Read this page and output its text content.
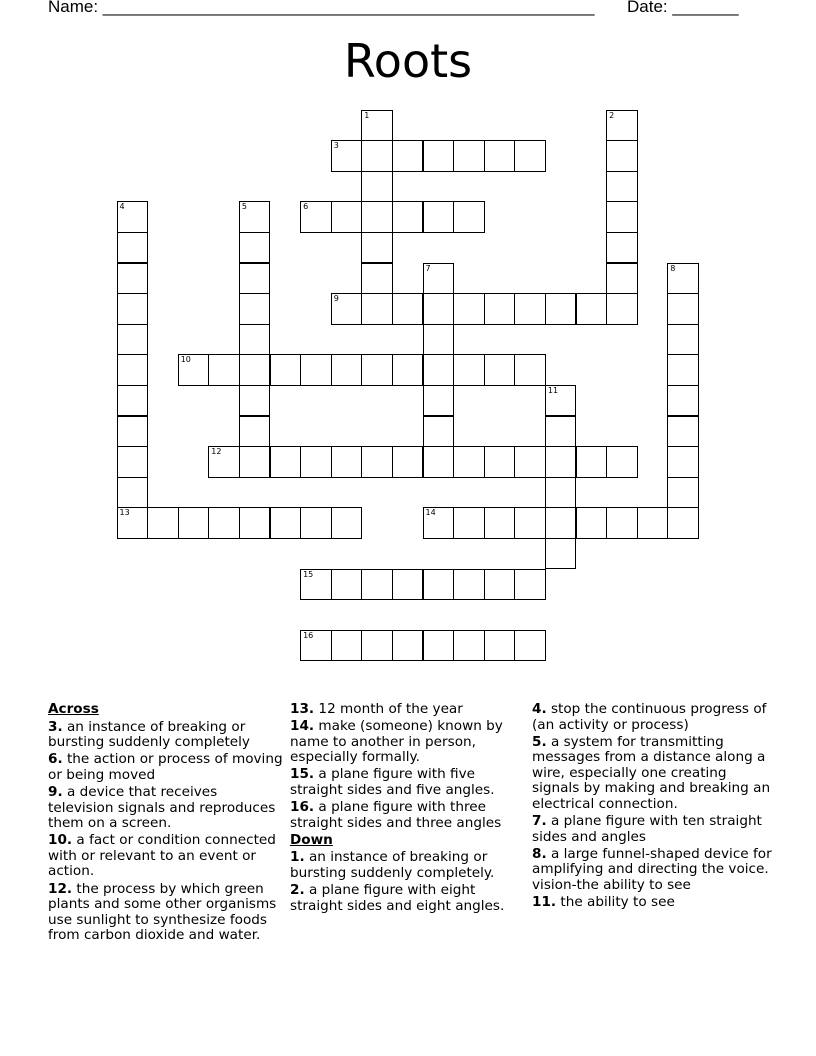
Name: ____________________________________________________ Date: _______
Roots
1	2
3
4
13
5	6
7	8
9
10
11
12
14
15
16
Across
3. an instance of breaking or bursting suddenly completely
6. the action or process of moving or being moved
9. a device that receives television signals and reproduces them on a screen.
10. a fact or condition connected with or relevant to an event or action.
12. the process by which green plants and some other organisms use sunlight to synthesize foods from carbon dioxide and water.
13. 12 month of the year
14. make (someone) known by name to another in person, especially formally.
15. a plane figure with five straight sides and five angles.
16. a plane figure with three straight sides and three angles
Down
1. an instance of breaking or bursting suddenly completely.
2. a plane figure with eight straight sides and eight angles.
4. stop the continuous progress of (an activity or process)
5. a system for transmitting messages from a distance along a wire, especially one creating signals by making and breaking an electrical connection.
7. a plane figure with ten straight sides and angles
8. a large funnel-shaped device for amplifying and directing the voice. vision-the ability to see
11. the ability to see
